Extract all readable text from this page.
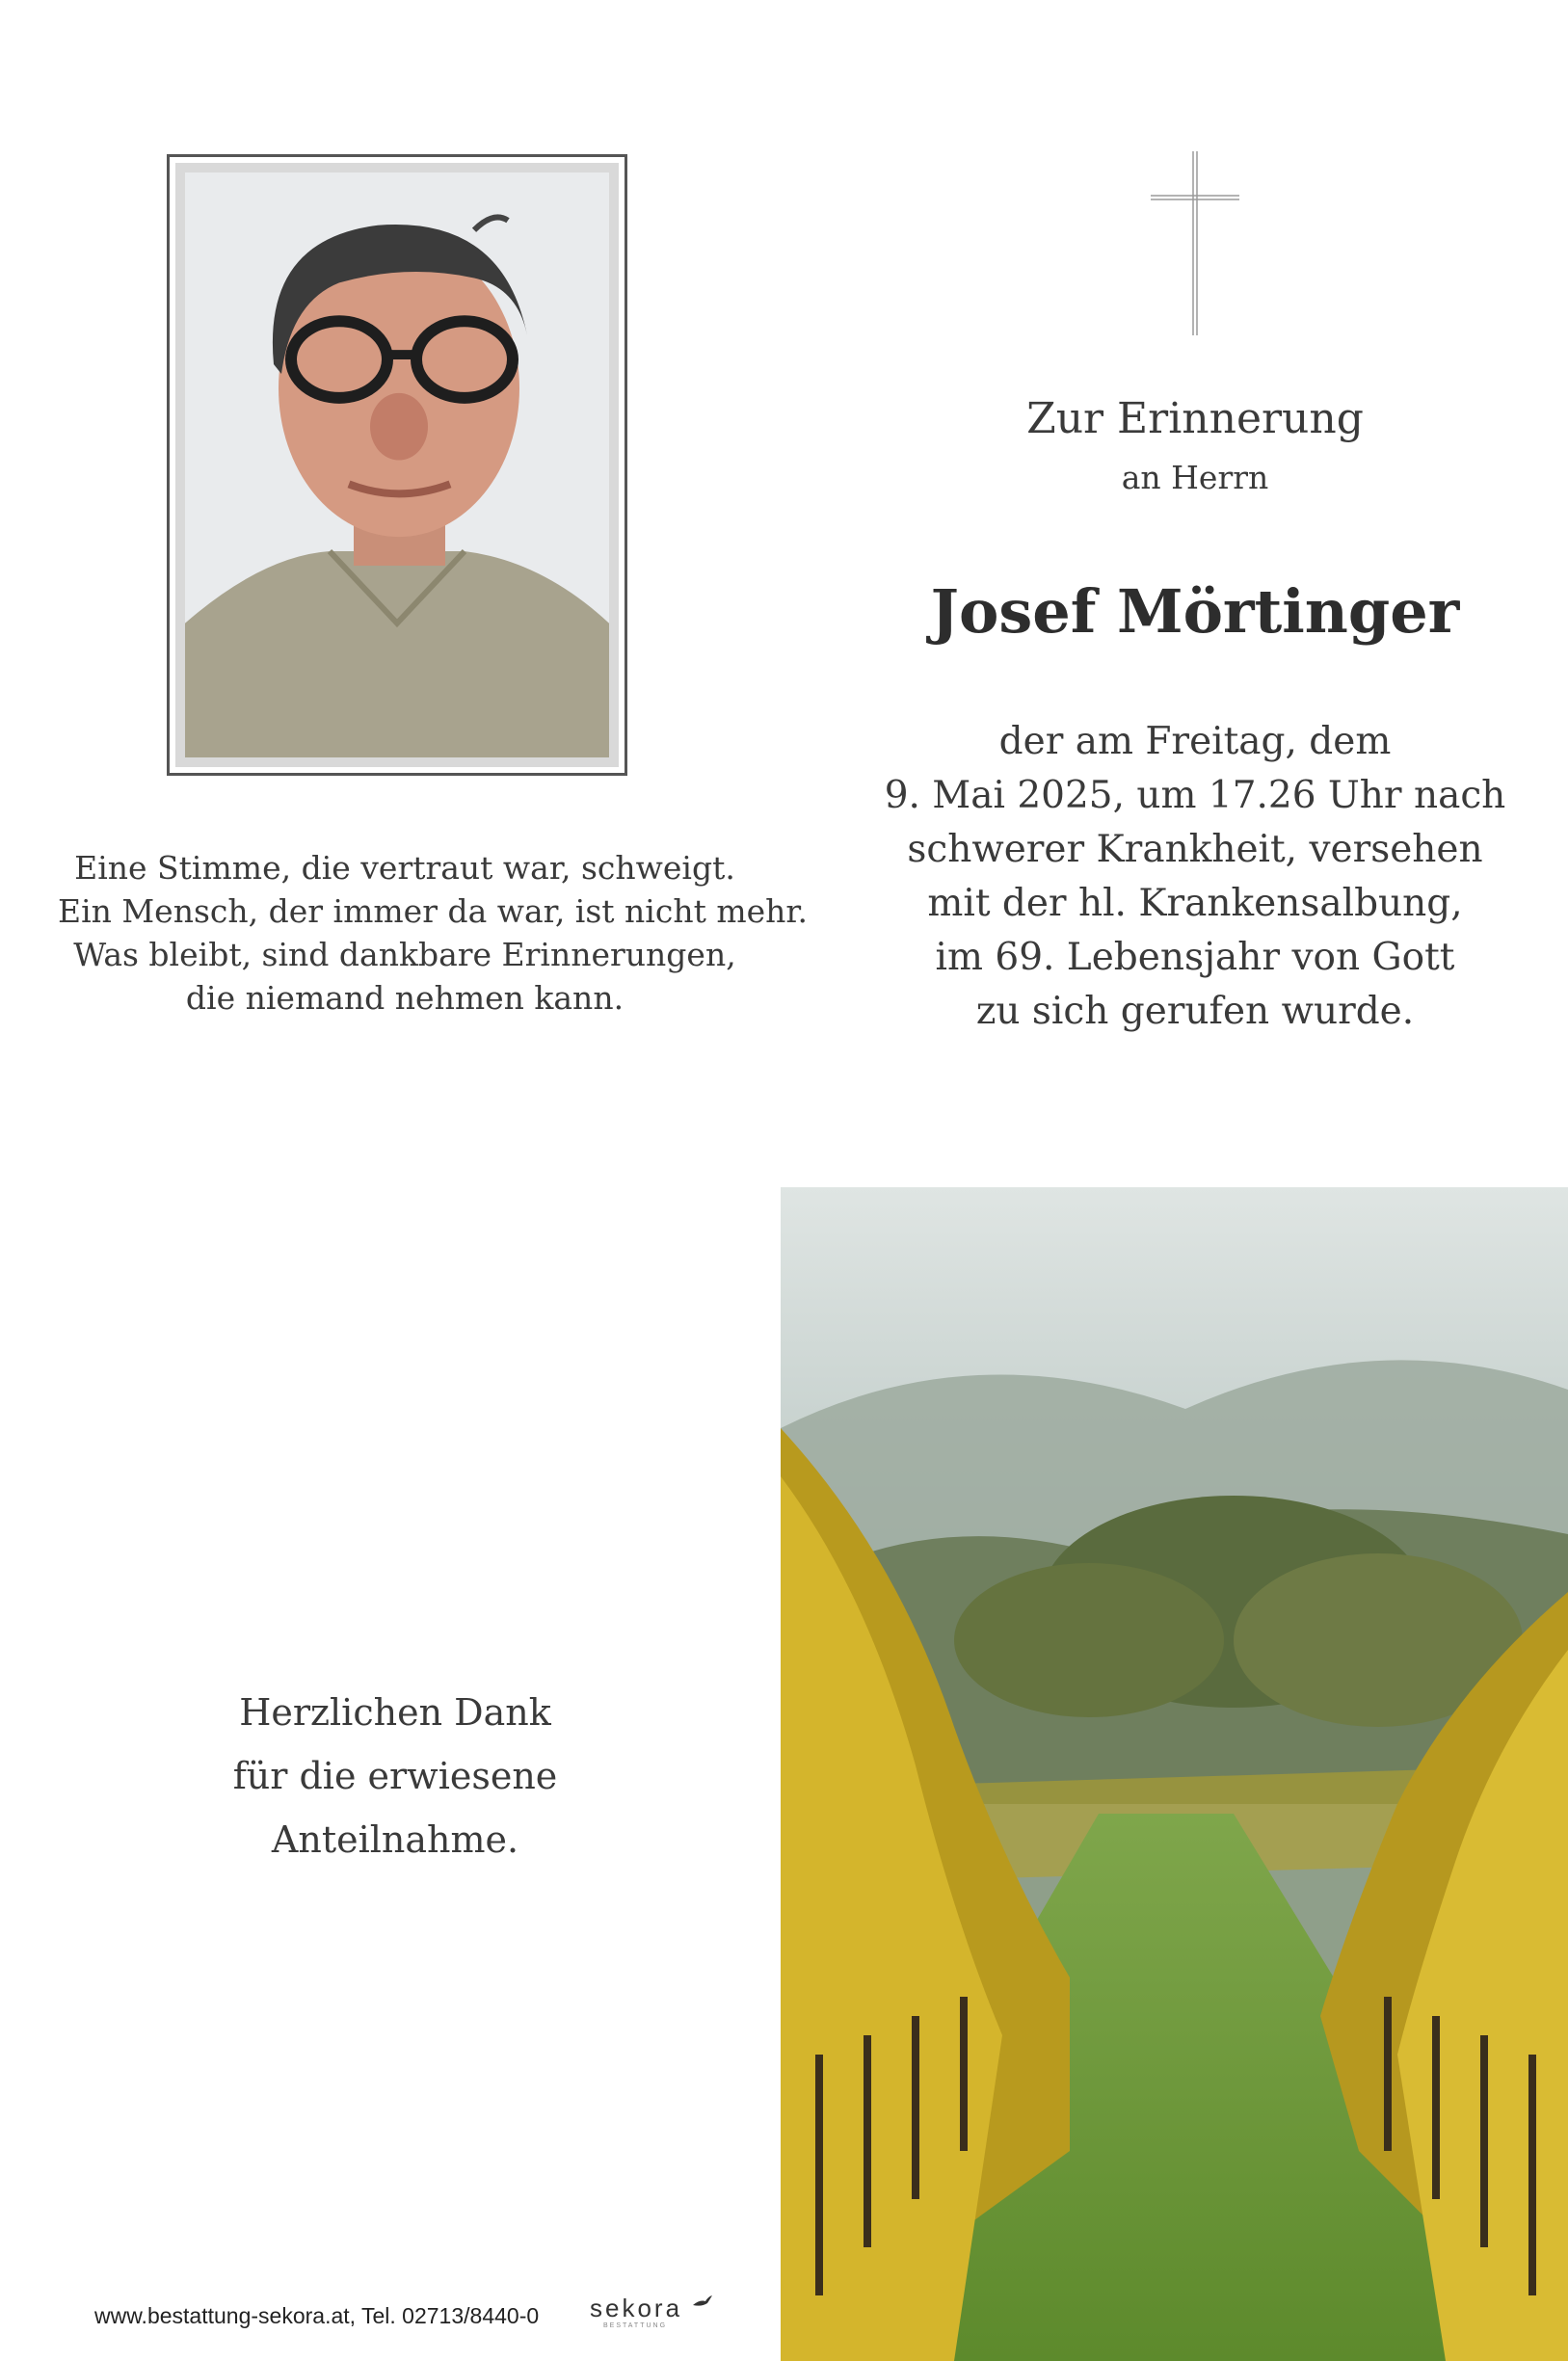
Eine Stimme, die vertraut war, schweigt.
Ein Mensch, der immer da war, ist nicht mehr.
Was bleibt, sind dankbare Erinnerungen,
die niemand nehmen kann.
Zur Erinnerung
an Herrn
Josef Mörtinger
der am Freitag, dem
9. Mai 2025, um 17.26 Uhr nach
schwerer Krankheit, versehen
mit der hl. Krankensalbung,
im 69. Lebensjahr von Gott
zu sich gerufen wurde.
Herzlichen Dank
für die erwiesene
Anteilnahme.
www.bestattung-sekora.at, Tel. 02713/8440-0 sekora
BESTATTUNG
